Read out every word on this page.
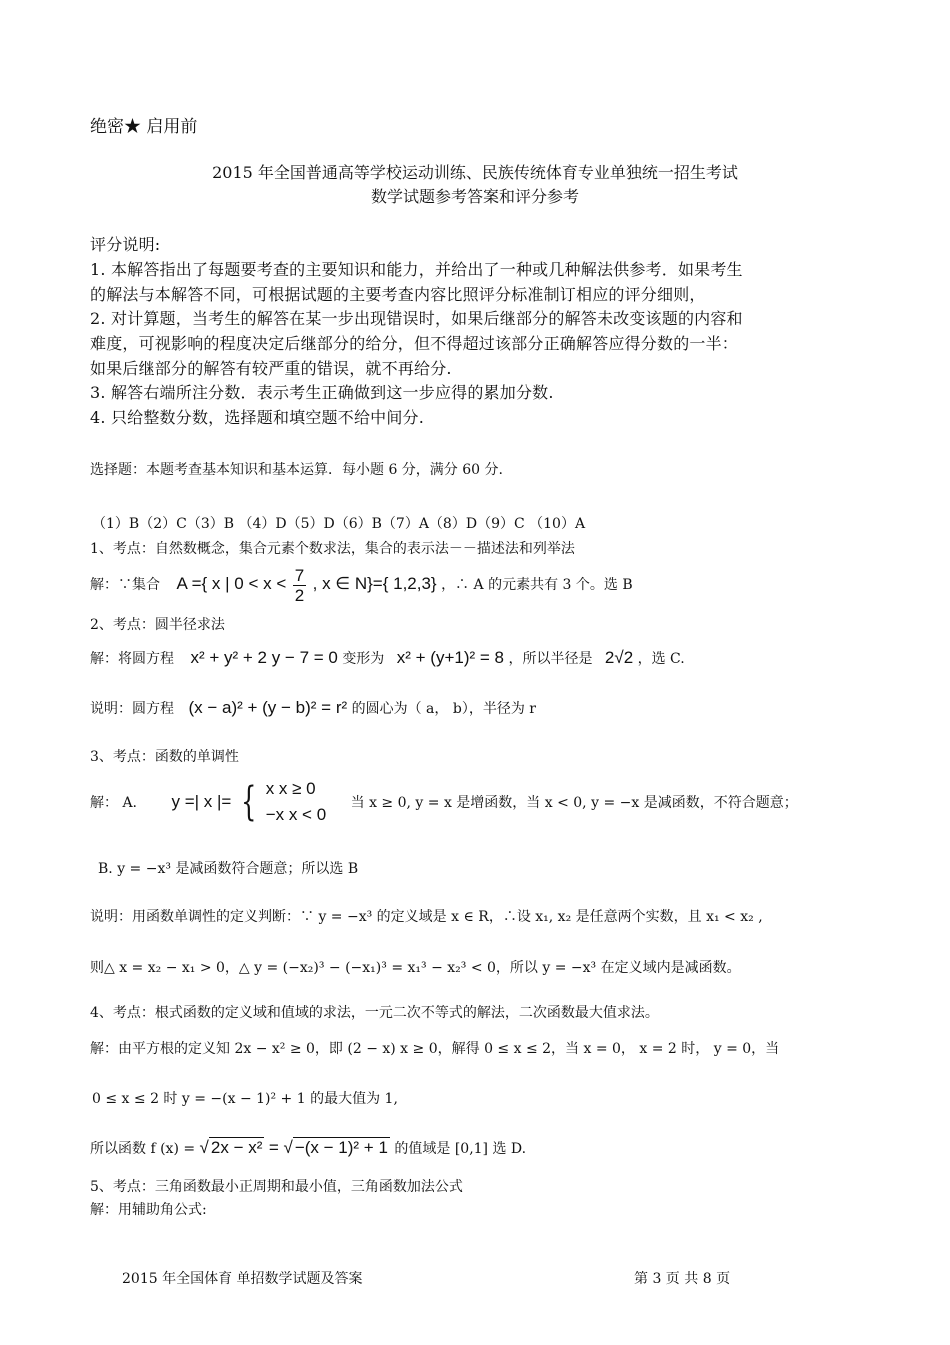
绝密★ 启用前
2015 年全国普通高等学校运动训练、民族传统体育专业单独统一招生考试
数学试题参考答案和评分参考
评分说明:
1. 本解答指出了每题要考查的主要知识和能力，并给出了一种或几种解法供参考．如果考生
的解法与本解答不同，可根据试题的主要考查内容比照评分标准制订相应的评分细则，
2. 对计算题，当考生的解答在某一步出现错误时，如果后继部分的解答未改变该题的内容和
难度，可视影响的程度决定后继部分的给分，但不得超过该部分正确解答应得分数的一半：
如果后继部分的解答有较严重的错误，就不再给分.
3. 解答右端所注分数．表示考生正确做到这一步应得的累加分数.
4. 只给整数分数，选择题和填空题不给中间分.
选择题：本题考查基本知识和基本运算．每小题 6 分，满分 60 分.
（1）B（2）C（3）B （4）D（5）D（6）B（7）A（8）D（9）C （10）A
1、考点：自然数概念，集合元素个数求法，集合的表示法－－描述法和列举法
解：∵集合 A ={ x | $0 < x < \frac{7}{2}$ , x ∈ N}={ 1,2,3} ，∴ A 的元素共有 3 个。选 B
2、考点：圆半径求法
解：将圆方程 x² + y² + 2 y − 7 = 0 变形为 x² + (y+1)² = 8 ，所以半径是 2√2 ，选 C.
说明：圆方程 (x − a)² + (y − b)² = r² 的圆心为（ a， b），半径为 r
3、考点：函数的单调性
解： A. y =| x |= { x x ≥ 0
−x x < 0
当 x ≥ 0, y = x 是增函数，当 x < 0, y = −x 是减函数，不符合题意；
B. y = −x³ 是减函数符合题意；所以选 B
说明：用函数单调性的定义判断：∵ y = −x³ 的定义域是 x ∈ R，∴设 x₁, x₂ 是任意两个实数，且 x₁ < x₂ ,
则△ x = x₂ − x₁ > 0，△ y = (−x₂)³ − (−x₁)³ = x₁³ − x₂³ < 0，所以 y = −x³ 在定义域内是减函数。
4、考点：根式函数的定义域和值域的求法，一元二次不等式的解法，二次函数最大值求法。
解：由平方根的定义知 2x − x² ≥ 0，即 (2 − x) x ≥ 0，解得 0 ≤ x ≤ 2，当 x = 0， x = 2 时， y = 0，当
0 ≤ x ≤ 2 时 y = −(x − 1)² + 1 的最大值为 1,
所以函数 f (x) = √ 2x − x² = √ −(x − 1)² + 1 的值域是 [0,1] 选 D.
5、考点：三角函数最小正周期和最小值，三角函数加法公式
解：用辅助角公式:
2015 年全国体育 单招数学试题及答案	第 3 页 共 8 页
